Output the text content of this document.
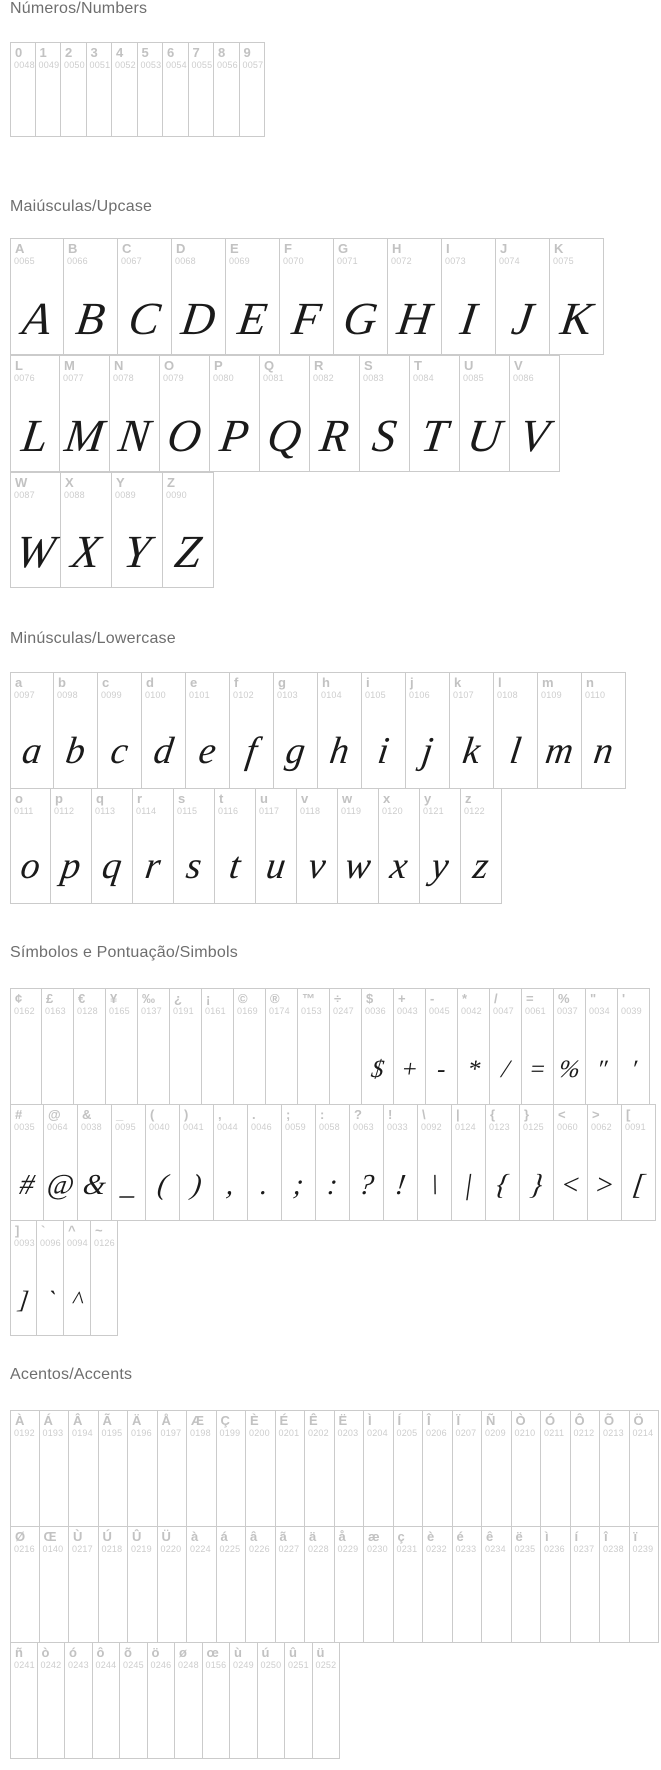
Números/Numbers
0
0048
1
0049
2
0050
3
0051
4
0052
5
0053
6
0054
7
0055
8
0056
9
0057
Maiúsculas/Upcase
A
0065
A
B
0066
B
C
0067
C
D
0068
D
E
0069
E
F
0070
F
G
0071
G
H
0072
H
I
0073
I
J
0074
J
K
0075
K
L
0076
L
M
0077
M
N
0078
N
O
0079
O
P
0080
P
Q
0081
Q
R
0082
R
S
0083
S
T
0084
T
U
0085
U
V
0086
V
W
0087
W
X
0088
X
Y
0089
Y
Z
0090
Z
Minúsculas/Lowercase
a
0097
a
b
0098
b
c
0099
c
d
0100
d
e
0101
e
f
0102
f
g
0103
g
h
0104
h
i
0105
i
j
0106
j
k
0107
k
l
0108
l
m
0109
m
n
0110
n
o
0111
o
p
0112
p
q
0113
q
r
0114
r
s
0115
s
t
0116
t
u
0117
u
v
0118
v
w
0119
w
x
0120
x
y
0121
y
z
0122
z
Símbolos e Pontuação/Simbols
¢
0162
£
0163
€
0128
¥
0165
‰
0137
¿
0191
¡
0161
©
0169
®
0174
™
0153
÷
0247
$
0036
$
+
0043
+
-
0045
-
*
0042
*
/
0047
/
=
0061
=
%
0037
%
"
0034
"
'
0039
'
#
0035
#
@
0064
@
&
0038
&
_
0095
_
(
0040
(
)
0041
)
,
0044
,
.
0046
.
;
0059
;
:
0058
:
?
0063
?
!
0033
!
\
0092
\
|
0124
|
{
0123
{
}
0125
}
<
0060
<
>
0062
>
[
0091
[
]
0093
]
`
0096
`
^
0094
^
~
0126
Acentos/Accents
À
0192
Á
0193
Â
0194
Ã
0195
Ä
0196
Å
0197
Æ
0198
Ç
0199
È
0200
É
0201
Ê
0202
Ë
0203
Ì
0204
Í
0205
Î
0206
Ï
0207
Ñ
0209
Ò
0210
Ó
0211
Ô
0212
Õ
0213
Ö
0214
Ø
0216
Œ
0140
Ù
0217
Ú
0218
Û
0219
Ü
0220
à
0224
á
0225
â
0226
ã
0227
ä
0228
å
0229
æ
0230
ç
0231
è
0232
é
0233
ê
0234
ë
0235
ì
0236
í
0237
î
0238
ï
0239
ñ
0241
ò
0242
ó
0243
ô
0244
õ
0245
ö
0246
ø
0248
œ
0156
ù
0249
ú
0250
û
0251
ü
0252
